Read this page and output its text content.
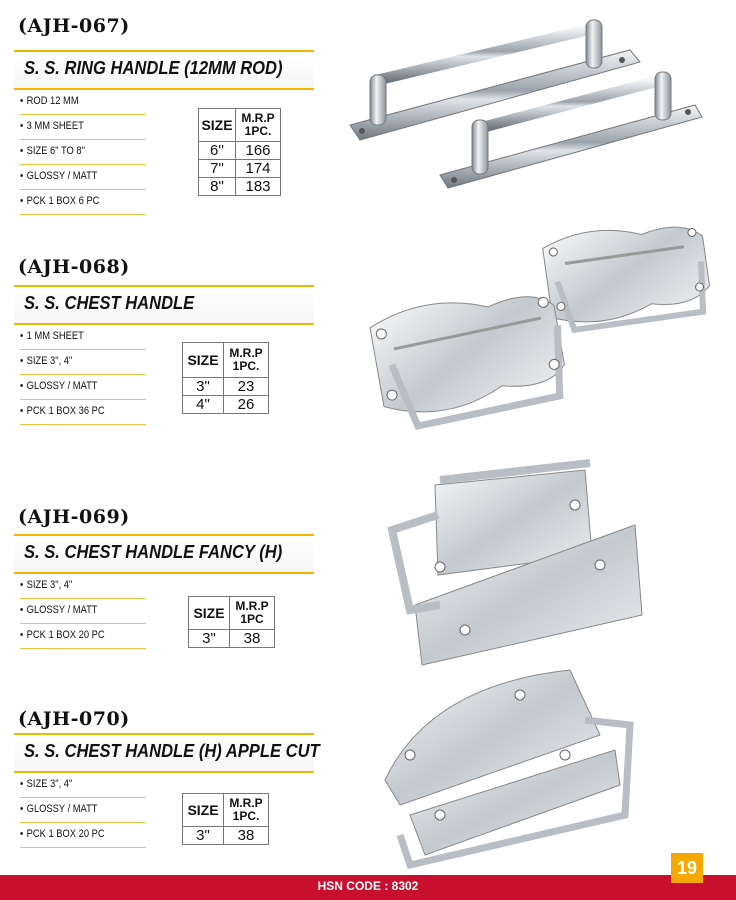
(AJH-067)
S. S. RING HANDLE (12MM ROD)
• ROD 12 MM
• 3 MM SHEET
• SIZE 6" TO 8"
• GLOSSY / MATT
• PCK 1 BOX 6 PC
SIZE	M.R.P
1PC.

6''	166
7"	174
8"	183
(AJH-068)
S. S. CHEST HANDLE
• 1 MM SHEET
• SIZE 3", 4"
• GLOSSY / MATT
• PCK 1 BOX 36 PC
SIZE	M.R.P
1PC.

3"	23
4"	26
(AJH-069)
S. S. CHEST HANDLE FANCY (H)
• SIZE 3", 4"
• GLOSSY / MATT
• PCK 1 BOX 20 PC
SIZE	M.R.P
1PC

3"	38
(AJH-070)
S. S. CHEST HANDLE (H) APPLE CUT
• SIZE 3", 4"
• GLOSSY / MATT
• PCK 1 BOX 20 PC
SIZE	M.R.P
1PC.

3"	38
HSN CODE : 8302
19
